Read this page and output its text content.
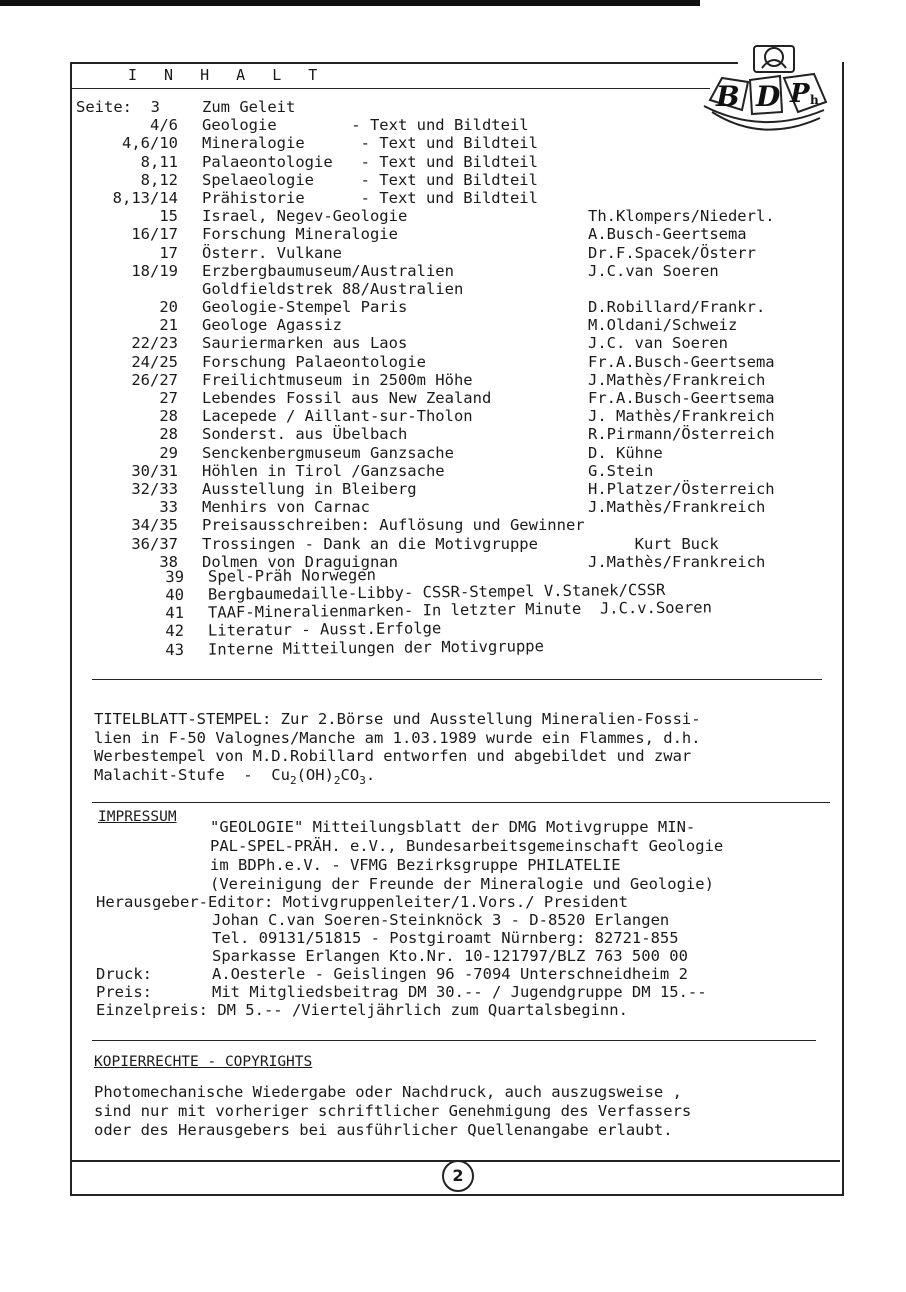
I N H A L T
B D P h
Seite:  3	Zum Geleit
4/6 Geologie        - Text und Bildteil
4,6/10 Mineralogie      - Text und Bildteil
8,11 Palaeontologie   - Text und Bildteil
8,12 Spelaeologie     - Text und Bildteil
8,13/14 Prähistorie      - Text und Bildteil
15 Israel, Negev-Geologie	Th.Klompers/Niederl.
16/17 Forschung Mineralogie	A.Busch-Geertsema
17 Österr. Vulkane	Dr.F.Spacek/Österr
18/19 Erzbergbaumuseum/Australien	J.C.van Soeren
Goldfieldstrek 88/Australien
20 Geologie-Stempel Paris	D.Robillard/Frankr.
21 Geologe Agassiz	M.Oldani/Schweiz
22/23 Sauriermarken aus Laos	J.C. van Soeren
24/25 Forschung Palaeontologie	Fr.A.Busch-Geertsema
26/27 Freilichtmuseum in 2500m Höhe	J.Mathès/Frankreich
27 Lebendes Fossil aus New Zealand	Fr.A.Busch-Geertsema
28 Lacepede / Aillant-sur-Tholon	J. Mathès/Frankreich
28 Sonderst. aus Übelbach	R.Pirmann/Österreich
29 Senckenbergmuseum Ganzsache	D. Kühne
30/31 Höhlen in Tirol /Ganzsache	G.Stein
32/33 Ausstellung in Bleiberg	H.Platzer/Österreich
33 Menhirs von Carnac	J.Mathès/Frankreich
34/35 Preisausschreiben: Auflösung und Gewinner
36/37 Trossingen - Dank an die Motivgruppe	Kurt Buck
38 Dolmen von Draguignan	J.Mathès/Frankreich
39 Spel-Präh Norwegen
40 Bergbaumedaille-Libby- CSSR-Stempel V.Stanek/CSSR
41 TAAF-Mineralienmarken- In letzter Minute  J.C.v.Soeren
42 Literatur - Ausst.Erfolge
43 Interne Mitteilungen der Motivgruppe
TITELBLATT-STEMPEL: Zur 2.Börse und Ausstellung Mineralien-Fossi-
lien in F-50 Valognes/Manche am 1.03.1989 wurde ein Flammes, d.h.
Werbestempel von M.D.Robillard entworfen und abgebildet und zwar
Malachit-Stufe  -  $Cu_2(OH)_2CO_3$.
IMPRESSUM
"GEOLOGIE" Mitteilungsblatt der DMG Motivgruppe MIN-
PAL-SPEL-PRÄH. e.V., Bundesarbeitsgemeinschaft Geologie
im BDPh.e.V. - VFMG Bezirksgruppe PHILATELIE
(Vereinigung der Freunde der Mineralogie und Geologie)
Herausgeber-Editor: Motivgruppenleiter/1.Vors./ President
Johan C.van Soeren-Steinknöck 3 - D-8520 Erlangen
Tel. 09131/51815 - Postgiroamt Nürnberg: 82721-855
Sparkasse Erlangen Kto.Nr. 10-121797/BLZ 763 500 00
Druck:	A.Oesterle - Geislingen 96 -7094 Unterschneidheim 2
Preis:	Mit Mitgliedsbeitrag DM 30.-- / Jugendgruppe DM 15.--
Einzelpreis: DM 5.-- /Vierteljährlich zum Quartalsbeginn.
KOPIERRECHTE - COPYRIGHTS
Photomechanische Wiedergabe oder Nachdruck, auch auszugsweise ,
sind nur mit vorheriger schriftlicher Genehmigung des Verfassers
oder des Herausgebers bei ausführlicher Quellenangabe erlaubt.
2
